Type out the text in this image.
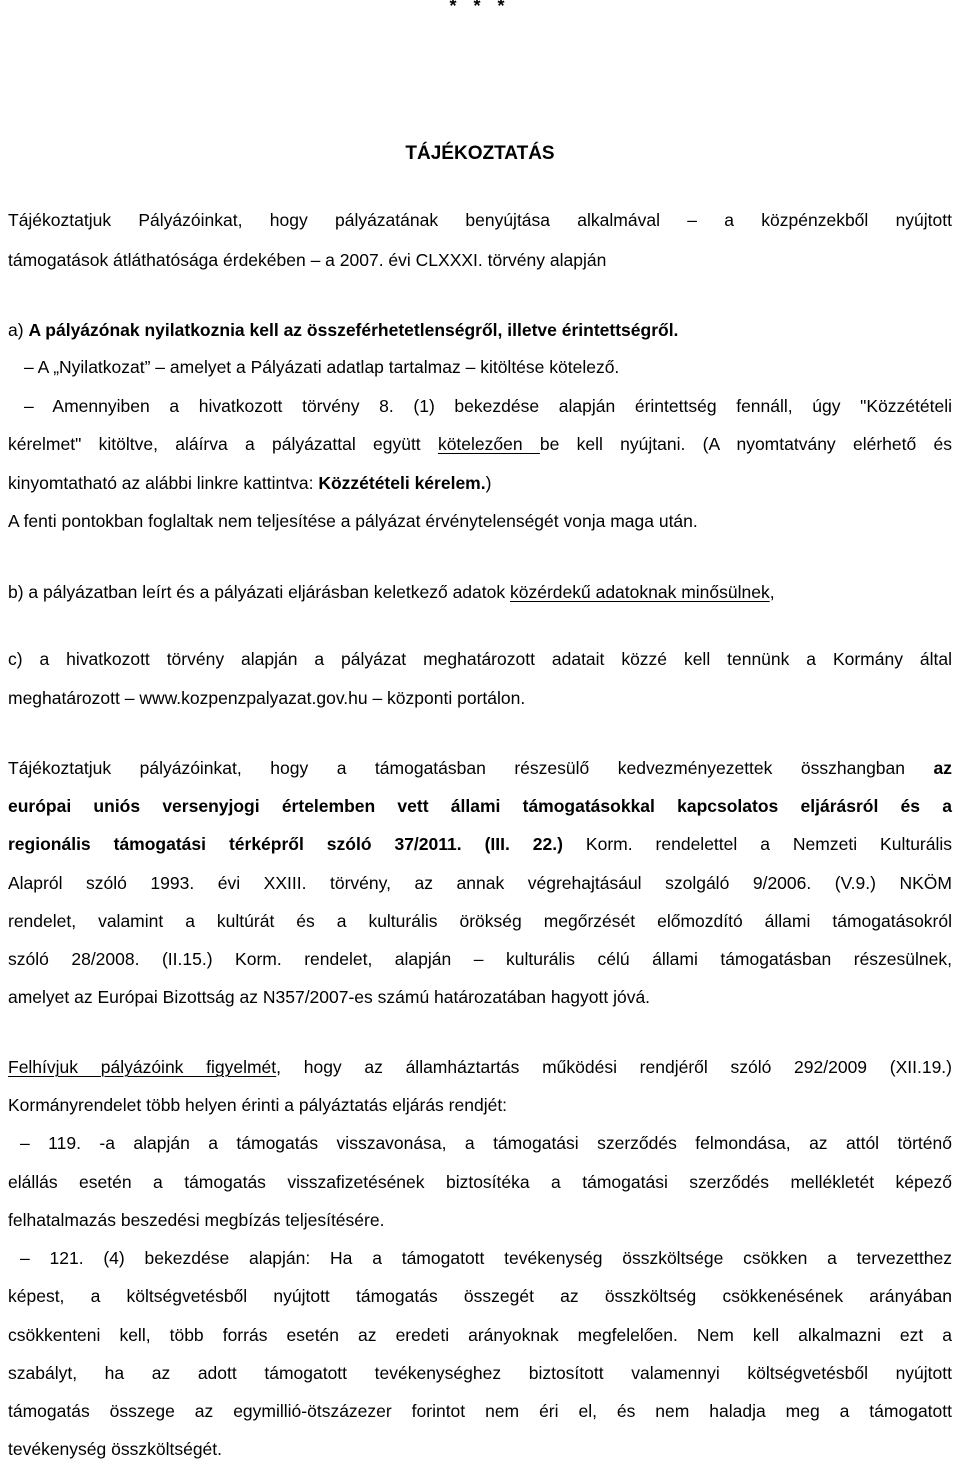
* * *
TÁJÉKOZTATÁS
Tájékoztatjuk Pályázóinkat, hogy pályázatának benyújtása alkalmával – a közpénzekből nyújtott
támogatások átláthatósága érdekében – a 2007. évi CLXXXI. törvény alapján
a) A pályázónak nyilatkoznia kell az összeférhetetlenségről, illetve érintettségről.
– A „Nyilatkozat” – amelyet a Pályázati adatlap tartalmaz – kitöltése kötelező.
– Amennyiben a hivatkozott törvény 8. (1) bekezdése alapján érintettség fennáll, úgy "Közzétételi
kérelmet" kitöltve, aláírva a pályázattal együtt kötelezően be kell nyújtani. (A nyomtatvány elérhető és
kinyomtatható az alábbi linkre kattintva: Közzétételi kérelem.)
A fenti pontokban foglaltak nem teljesítése a pályázat érvénytelenségét vonja maga után.
b) a pályázatban leírt és a pályázati eljárásban keletkező adatok közérdekű adatoknak minősülnek,
c) a hivatkozott törvény alapján a pályázat meghatározott adatait közzé kell tennünk a Kormány által
meghatározott – www.kozpenzpalyazat.gov.hu – központi portálon.
Tájékoztatjuk pályázóinkat, hogy a támogatásban részesülő kedvezményezettek összhangban az
európai uniós versenyjogi értelemben vett állami támogatásokkal kapcsolatos eljárásról és a
regionális támogatási térképről szóló 37/2011. (III. 22.) Korm. rendelettel a Nemzeti Kulturális
Alapról szóló 1993. évi XXIII. törvény, az annak végrehajtásául szolgáló 9/2006. (V.9.) NKÖM
rendelet, valamint a kultúrát és a kulturális örökség megőrzését előmozdító állami támogatásokról
szóló 28/2008. (II.15.) Korm. rendelet, alapján – kulturális célú állami támogatásban részesülnek,
amelyet az Európai Bizottság az N357/2007-es számú határozatában hagyott jóvá.
Felhívjuk pályázóink figyelmét, hogy az államháztartás működési rendjéről szóló 292/2009 (XII.19.)
Kormányrendelet több helyen érinti a pályáztatás eljárás rendjét:
– 119. -a alapján a támogatás visszavonása, a támogatási szerződés felmondása, az attól történő
elállás esetén a támogatás visszafizetésének biztosítéka a támogatási szerződés mellékletét képező
felhatalmazás beszedési megbízás teljesítésére.
– 121. (4) bekezdése alapján: Ha a támogatott tevékenység összköltsége csökken a tervezetthez
képest, a költségvetésből nyújtott támogatás összegét az összköltség csökkenésének arányában
csökkenteni kell, több forrás esetén az eredeti arányoknak megfelelően. Nem kell alkalmazni ezt a
szabályt, ha az adott támogatott tevékenységhez biztosított valamennyi költségvetésből nyújtott
támogatás összege az egymillió-ötszázezer forintot nem éri el, és nem haladja meg a támogatott
tevékenység összköltségét.
